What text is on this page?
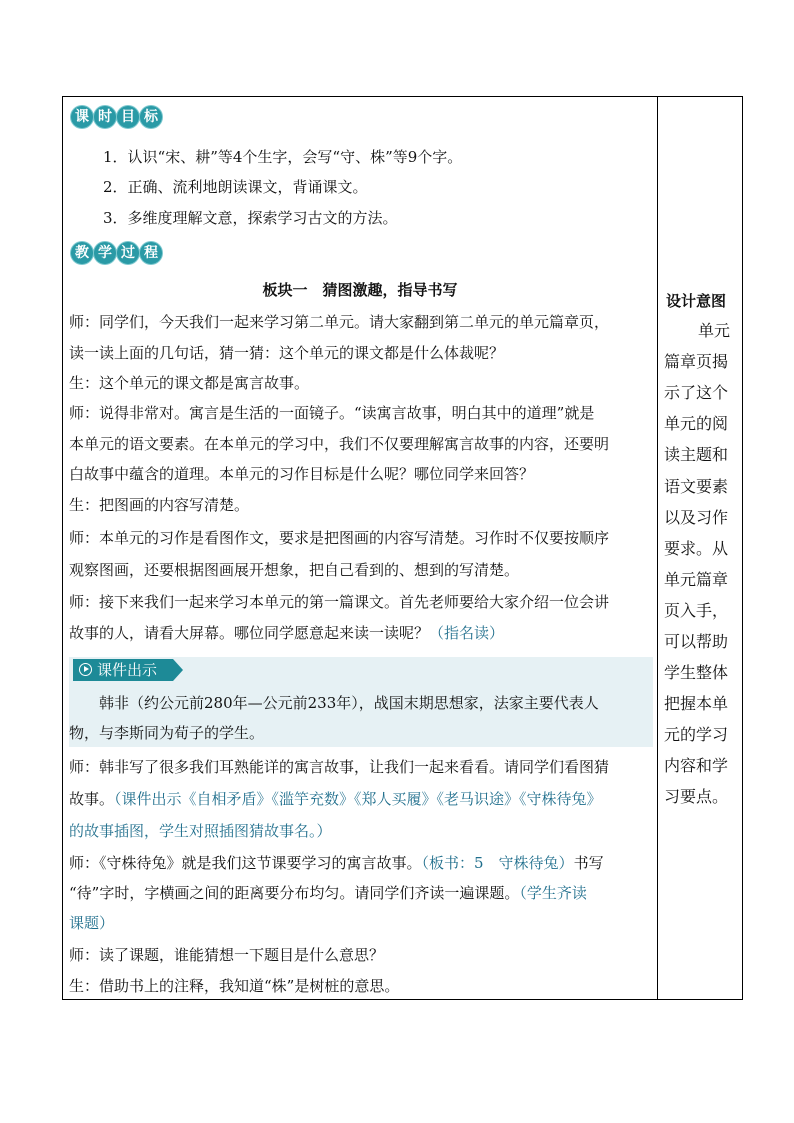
课 时 目 标
1．认识“宋、耕”等4个生字，会写“守、株”等9个字。
2．正确、流利地朗读课文，背诵课文。
3．多维度理解文意，探索学习古文的方法。
教 学 过 程
板块一　猜图激趣，指导书写
师：同学们，今天我们一起来学习第二单元。请大家翻到第二单元的单元篇章页，
读一读上面的几句话，猜一猜：这个单元的课文都是什么体裁呢？
生：这个单元的课文都是寓言故事。
师：说得非常对。寓言是生活的一面镜子。“读寓言故事，明白其中的道理”就是
本单元的语文要素。在本单元的学习中，我们不仅要理解寓言故事的内容，还要明
白故事中蕴含的道理。本单元的习作目标是什么呢？哪位同学来回答？
生：把图画的内容写清楚。
师：本单元的习作是看图作文，要求是把图画的内容写清楚。习作时不仅要按顺序
观察图画，还要根据图画展开想象，把自己看到的、想到的写清楚。
师：接下来我们一起来学习本单元的第一篇课文。首先老师要给大家介绍一位会讲
故事的人，请看大屏幕。哪位同学愿意起来读一读呢？（指名读）
课件出示
韩非（约公元前280年—公元前233年），战国末期思想家，法家主要代表人
物，与李斯同为荀子的学生。
师：韩非写了很多我们耳熟能详的寓言故事，让我们一起来看看。请同学们看图猜
故事。（课件出示《自相矛盾》《滥竽充数》《郑人买履》《老马识途》《守株待兔》
的故事插图，学生对照插图猜故事名。）
师：《守株待兔》就是我们这节课要学习的寓言故事。（板书：5　守株待兔）书写
“待”字时，字横画之间的距离要分布均匀。请同学们齐读一遍课题。（学生齐读
课题）
师：读了课题，谁能猜想一下题目是什么意思？
生：借助书上的注释，我知道“株”是树桩的意思。
设计意图
单元
篇章页揭
示了这个
单元的阅
读主题和
语文要素
以及习作
要求。从
单元篇章
页入手，
可以帮助
学生整体
把握本单
元的学习
内容和学
习要点。
